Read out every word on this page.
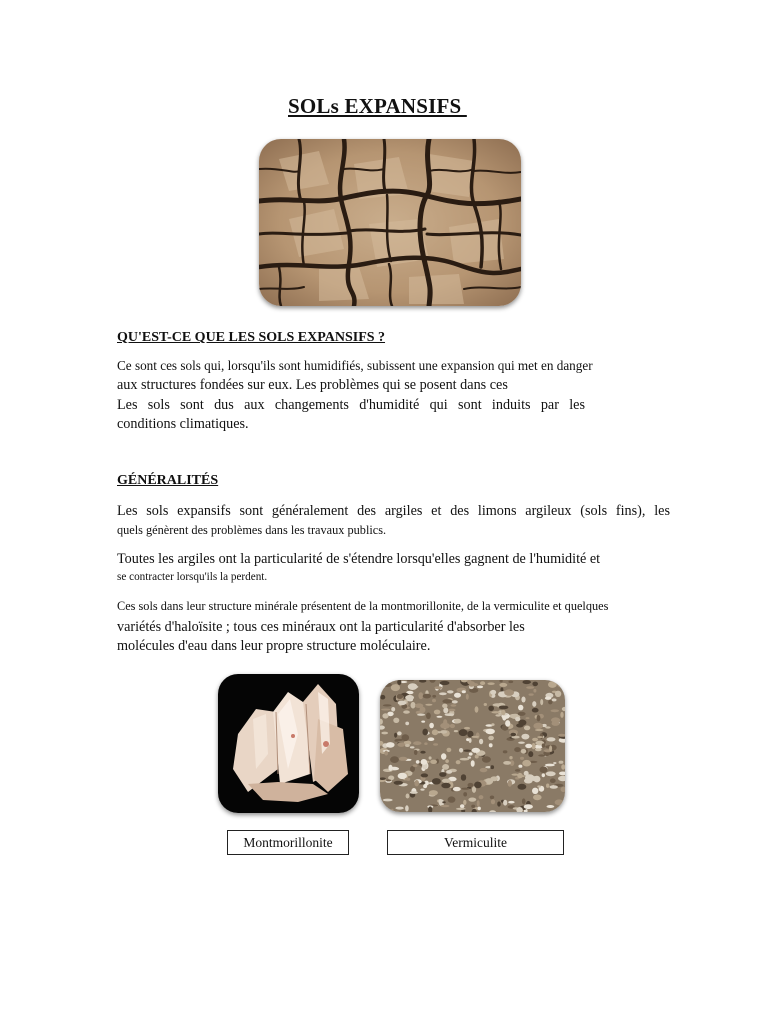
SOLs EXPANSIFS
QU'EST-CE QUE LES SOLS EXPANSIFS ?
Ce sont ces sols qui, lorsqu'ils sont humidifiés, subissent une expansion qui met en danger
aux structures fondées sur eux. Les problèmes qui se posent dans ces
Les sols sont dus aux changements d'humidité qui sont induits par les
conditions climatiques.
GÉNÉRALITÉS
Les sols expansifs sont généralement des argiles et des limons argileux (sols fins), les
quels génèrent des problèmes dans les travaux publics.
Toutes les argiles ont la particularité de s'étendre lorsqu'elles gagnent de l'humidité et
se contracter lorsqu'ils la perdent.
Ces sols dans leur structure minérale présentent de la montmorillonite, de la vermiculite et quelques
variétés d'haloïsite ; tous ces minéraux ont la particularité d'absorber les
molécules d'eau dans leur propre structure moléculaire.
Montmorillonite	Vermiculite
